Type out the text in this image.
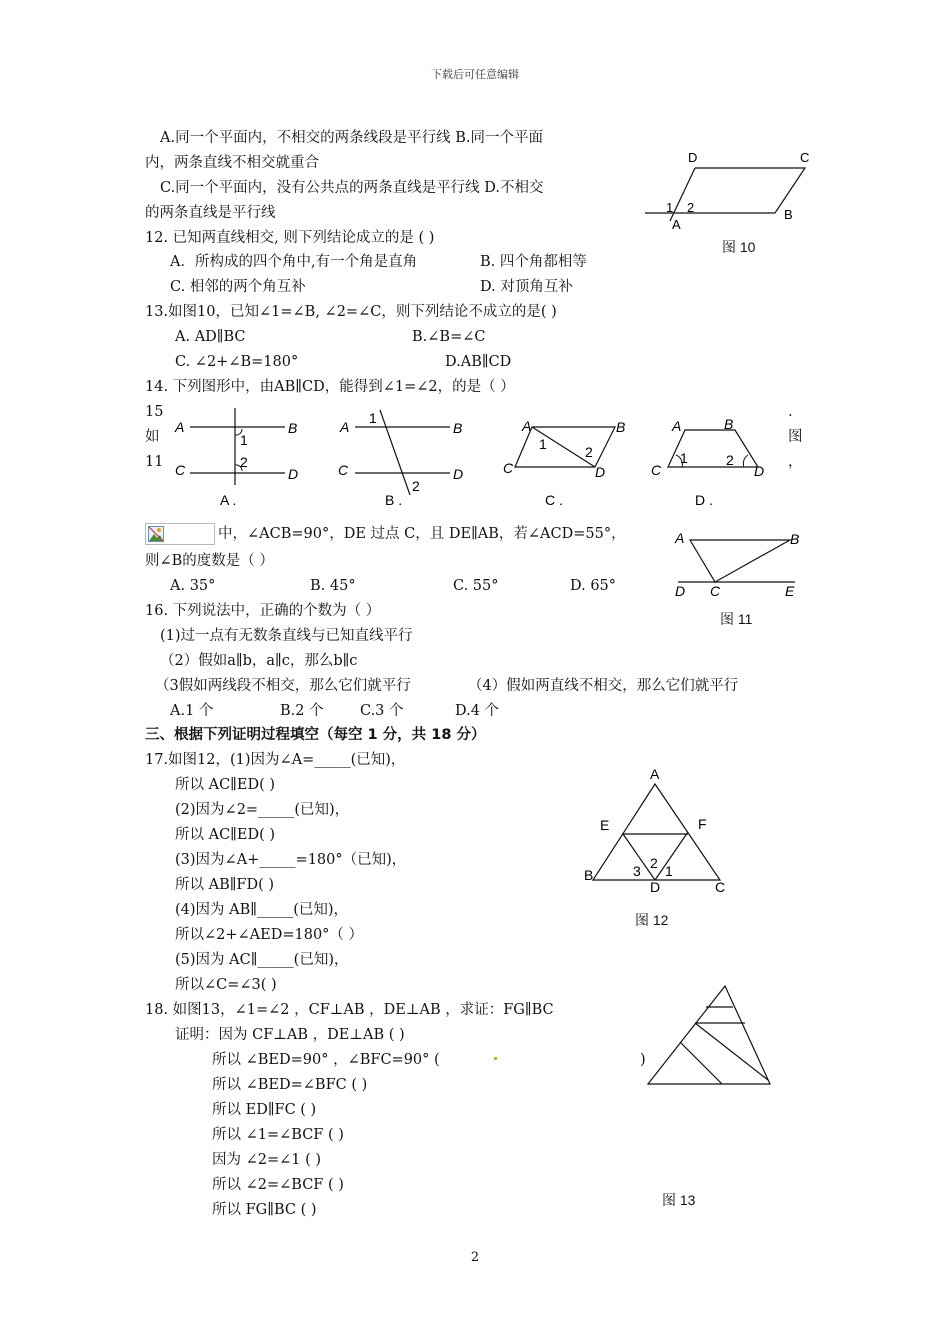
下载后可任意编辑
A.同一个平面内，不相交的两条线段是平行线 B.同一个平面
内，两条直线不相交就重合
C.同一个平面内，没有公共点的两条直线是平行线 D.不相交
的两条直线是平行线
D	C
1 2
A
B
图 10
12. 已知两直线相交, 则下列结论成立的是 ( )
A．所构成的四个角中,有一个角是直角	B. 四个角都相等
C. 相邻的两个角互补	D. 对顶角互补
13.如图10，已知∠1=∠B, ∠2=∠C，则下列结论不成立的是( )
A. AD∥BC	B.∠B=∠C
C. ∠2+∠B=180°	D.AB∥CD
14. 下列图形中，由AB∥CD，能得到∠1=∠2，的是（ ）
15
如
11
.
图
，
A	B
C	D
1
2
A .
A	B
C	D
1
2
B .
A	B
C	D
1	2
C .
A	B
C	D
1	2
D .
中，∠ACB=90°，DE 过点 C，且 DE∥AB，若∠ACD=55°，
则∠B的度数是（ ）
A. 35°	B. 45°	C. 55°	D. 65°
A	B
D C	E
图 11
16. 下列说法中，正确的个数为（ ）
(1)过一点有无数条直线与已知直线平行
（2）假如a∥b，a∥c，那么b∥c
（3假如两线段不相交，那么它们就平行	（4）假如两直线不相交，那么它们就平行
A.1 个	B.2 个	C.3 个	D.4 个
三、根据下列证明过程填空（每空 1 分，共 18 分）
17.如图12，(1)因为∠A=_____(已知)，
所以 AC∥ED( )
(2)因为∠2=_____(已知)，
所以 AC∥ED( )
(3)因为∠A+_____=180°（已知)，
所以 AB∥FD( )
(4)因为 AB∥_____(已知)，
所以∠2+∠AED=180°（ ）
(5)因为 AC∥_____(已知)，
所以∠C=∠3( )
A
E	F
B
D	C
1
2
3
图 12
18. 如图13，∠1=∠2 ，CF⊥AB ，DE⊥AB ，求证：FG∥BC
证明：因为 CF⊥AB ，DE⊥AB ( )
所以 ∠BED=90° ，∠BFC=90° (	)
所以 ∠BED=∠BFC ( )
所以 ED∥FC ( )
所以 ∠1=∠BCF ( )
因为 ∠2=∠1 ( )
所以 ∠2=∠BCF ( )
所以 FG∥BC ( )
图 13
2
